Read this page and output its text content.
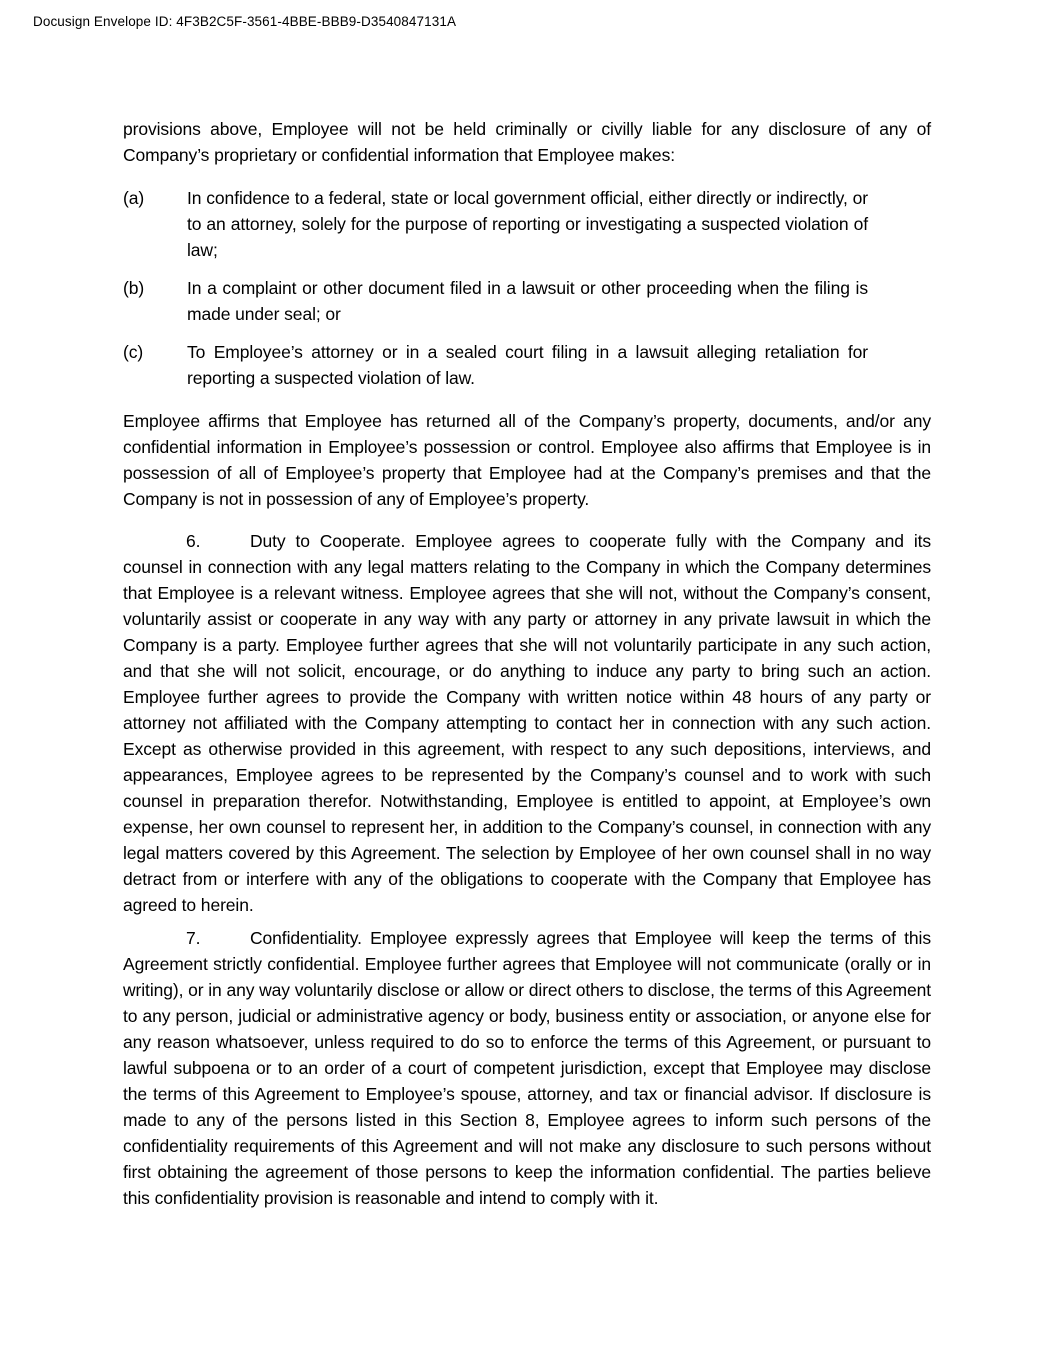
Docusign Envelope ID: 4F3B2C5F-3561-4BBE-BBB9-D3540847131A

provisions above, Employee will not be held criminally or civilly liable for any disclosure of any of Company’s proprietary or confidential information that Employee makes:

(a) In confidence to a federal, state or local government official, either directly or indirectly, or to an attorney, solely for the purpose of reporting or investigating a suspected violation of law;
(b) In a complaint or other document filed in a lawsuit or other proceeding when the filing is made under seal; or
(c)	To Employee’s attorney or in a sealed court filing in a lawsuit alleging retaliation for reporting a suspected violation of law.

Employee affirms that Employee has returned all of the Company’s property, documents, and/or any confidential information in Employee’s possession or control. Employee also affirms that Employee is in possession of all of Employee’s property that Employee had at the Company’s premises and that the Company is not in possession of any of Employee’s property.

6.	Duty to Cooperate. Employee agrees to cooperate fully with the Company and its counsel in connection with any legal matters relating to the Company in which the Company determines that Employee is a relevant witness. Employee agrees that she will not, without the Company’s consent, voluntarily assist or cooperate in any way with any party or attorney in any private lawsuit in which the Company is a party. Employee further agrees that she will not voluntarily participate in any such action, and that she will not solicit, encourage, or do anything to induce any party to bring such an action. Employee further agrees to provide the Company with written notice within 48 hours of any party or attorney not affiliated with the Company attempting to contact her in connection with any such action. Except as otherwise provided in this agreement, with respect to any such depositions, interviews, and appearances, Employee agrees to be represented by the Company’s counsel and to work with such counsel in preparation therefor. Notwithstanding, Employee is entitled to appoint, at Employee’s own expense, her own counsel to represent her, in addition to the Company’s counsel, in connection with any legal matters covered by this Agreement. The selection by Employee of her own counsel shall in no way detract from or interfere with any of the obligations to cooperate with the Company that Employee has agreed to herein.

7.	Confidentiality. Employee expressly agrees that Employee will keep the terms of this Agreement strictly confidential. Employee further agrees that Employee will not communicate (orally or in writing), or in any way voluntarily disclose or allow or direct others to disclose, the terms of this Agreement to any person, judicial or administrative agency or body, business entity or association, or anyone else for any reason whatsoever, unless required to do so to enforce the terms of this Agreement, or pursuant to lawful subpoena or to an order of a court of competent jurisdiction, except that Employee may disclose the terms of this Agreement to Employee’s spouse, attorney, and tax or financial advisor. If disclosure is made to any of the persons listed in this Section 8, Employee agrees to inform such persons of the confidentiality requirements of this Agreement and will not make any disclosure to such persons without first obtaining the agreement of those persons to keep the information confidential. The parties believe this confidentiality provision is reasonable and intend to comply with it.
